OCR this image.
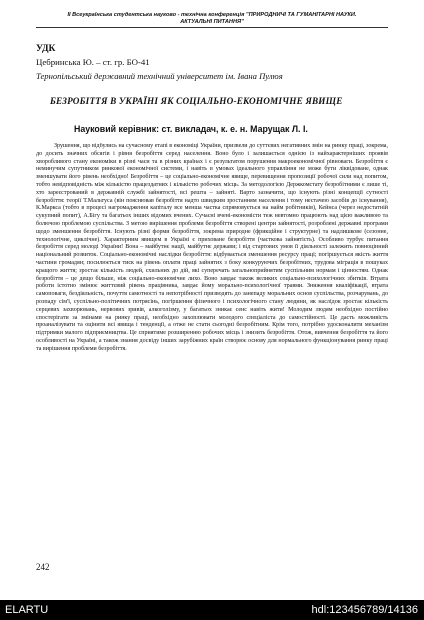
ІІ Всеукраїнська студентська науково - технічна конференція "ПРИРОДНИЧІ ТА ГУМАНІТАРНІ НАУКИ.
АКТУАЛЬНІ ПИТАННЯ"
УДК
Цебринська Ю. – ст. гр. БО-41
Тернопільський державний технічний університет ім. Івана Пулюя
БЕЗРОБІТТЯ В УКРАЇНІ ЯК СОЦІАЛЬНО-ЕКОНОМІЧНЕ ЯВИЩЕ
Науковий керівник: ст. викладач, к. е. н. Марущак Л. І.

Зрушення, що відбулись на сучасному етапі в економіці України, призвели до суттєвих негативних змін на ринку праці, зокрема, до досить значних обсягів і рівня безробіття серед населення. Воно було і залишається однією із найхарактерніших проявів хворобливого стану економіки в різні часи та в різних країнах і є результатом порушення макроекономічної рівноваги. Безробіття є неминучим супутником ринкової економічної системи, і навіть в умовах ідеального управління не може бути ліквідоване, однак зменшувати його рівень необхідно! Безробіття – це соціально-економічне явище, перевищення пропозиції робочої сили над попитом, тобто невідповідність між кількістю працездатних і кількістю робочих місць. За методологією Держкомстату безробітними є лише ті, хто зареєстрований в державній службі зайнятості, всі решта – зайняті. Варто зазначити, що існують різні концепції сутності безробіття: теорії Т.Мальтуса (він пояснював безробіття надто швидким зростанням населення і тому нестачею засобів до існування), К.Маркса (тобто в процесі нагромадження капіталу все менша частка спрямовується на найм робітників), Кейнса (через недостатній сукупний попит), А.Бігу та багатьох інших відомих вчених. Сучасні вчені-економісти теж невтомно працюють над цією важливою та болючою проблемою суспільства. З метою вирішення проблеми безробіття створені центри зайнятості, розроблені державні програми щодо зменшення безробіття. Існують різні форми безробіття, зокрема природне (фрикційне і структурне) та надлишкове (сезонне, технологічне, циклічне). Характерним явищем в Україні є приховане безробіття (часткова зайнятість). Особливо турбує питання безробіття серед молоді України! Вона – майбутнє нації, майбутнє держави; і від стартових умов її діяльності залежить повноцінний національний розвиток. Соціально-економічні наслідки безробіття: відбувається зменшення ресурсу праці; погіршується якість життя частини громадян; посилюється тиск на рівень оплати праці зайнятих з боку конкуруючих безробітних, трудова міграція в пошуках кращого життя; зростає кількість людей, схильних до дій, які суперечать загальноприйнятим суспільним нормам і цінностям. Однак безробіття – це дещо більше, ніж соціально-економічне лихо. Воно завдає також великих соціально-психологічних збитків. Втрата роботи істотно змінює життєвий рівень працівника, завдає йому морально-психологічної травми. Зниження кваліфікації, втрата самоповаги, бездіяльність, почуття самотності та непотрібності призводять до занепаду моральних основ суспільства, розчарувань, до розпаду сім'ї, суспільно-політичних потрясінь, погіршення фізичного і психологічного стану людини, як наслідок зростає кількість серцевих захворювань, нервових зривів, алкоголізму, у багатьох зникає сенс навіть жити! Молодим людям необхідно постійно спостерігати за змінами на ринку праці, необхідно захоплювати молодого спеціаліста до самостійності. Це дасть можливість проаналізувати та оцінити всі явища і тенденції, а отже не стати сьогодні безробітним. Крім того, потрібно удосконалити механізм підтримки малого підприємництва. Це сприятиме розширенню робочих місць і знизить безробіття. Отож, вивчення безробіття та його особливості на Україні, а також знання досвіду інших зарубіжних країн створює основу для нормального функціонування ринку праці та вирішення проблеми безробіття.

242
ELARTU	hdl:123456789/14136
